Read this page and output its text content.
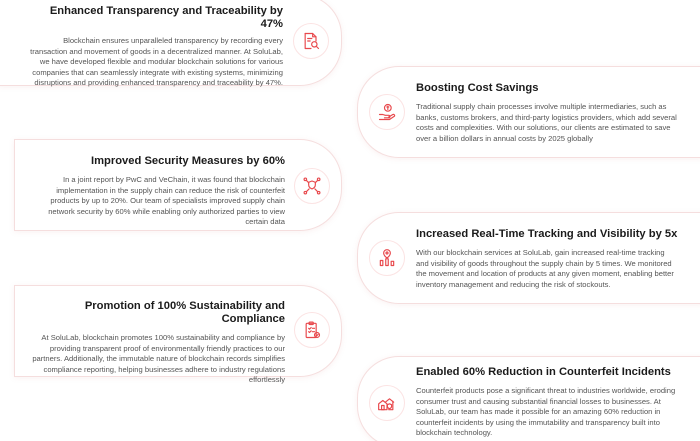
Enhanced Transparency and Traceability by 47%
Blockchain ensures unparalleled transparency by recording every transaction and movement of goods in a decentralized manner. At SoluLab, we have developed flexible and modular blockchain solutions for various companies that can seamlessly integrate with existing systems, minimizing disruptions and providing enhanced transparency and traceability by 47%.	Boosting Cost Savings
Traditional supply chain processes involve multiple intermediaries, such as banks, customs brokers, and third-party logistics providers, which add several costs and complexities. With our solutions, our clients are estimated to save over a billion dollars in annual costs by 2025 globally
Improved Security Measures by 60%
In a joint report by PwC and VeChain, it was found that blockchain implementation in the supply chain can reduce the risk of counterfeit products by up to 20%. Our team of specialists improved supply chain network security by 60% while enabling only authorized parties to view certain data
Increased Real-Time Tracking and Visibility by 5x
With our blockchain services at SoluLab, gain increased real-time tracking and visibility of goods throughout the supply chain by 5 times. We monitored the movement and location of products at any given moment, enabling better inventory management and reducing the risk of stockouts.
Promotion of 100% Sustainability and Compliance
At SoluLab, blockchain promotes 100% sustainability and compliance by providing transparent proof of environmentally friendly practices to our partners. Additionally, the immutable nature of blockchain records simplifies compliance reporting, helping businesses adhere to industry regulations effortlessly
Enabled 60% Reduction in Counterfeit Incidents
Counterfeit products pose a significant threat to industries worldwide, eroding consumer trust and causing substantial financial losses to businesses. At SoluLab, our team has made it possible for an amazing 60% reduction in counterfeit incidents by using the immutability and transparency built into blockchain technology.
